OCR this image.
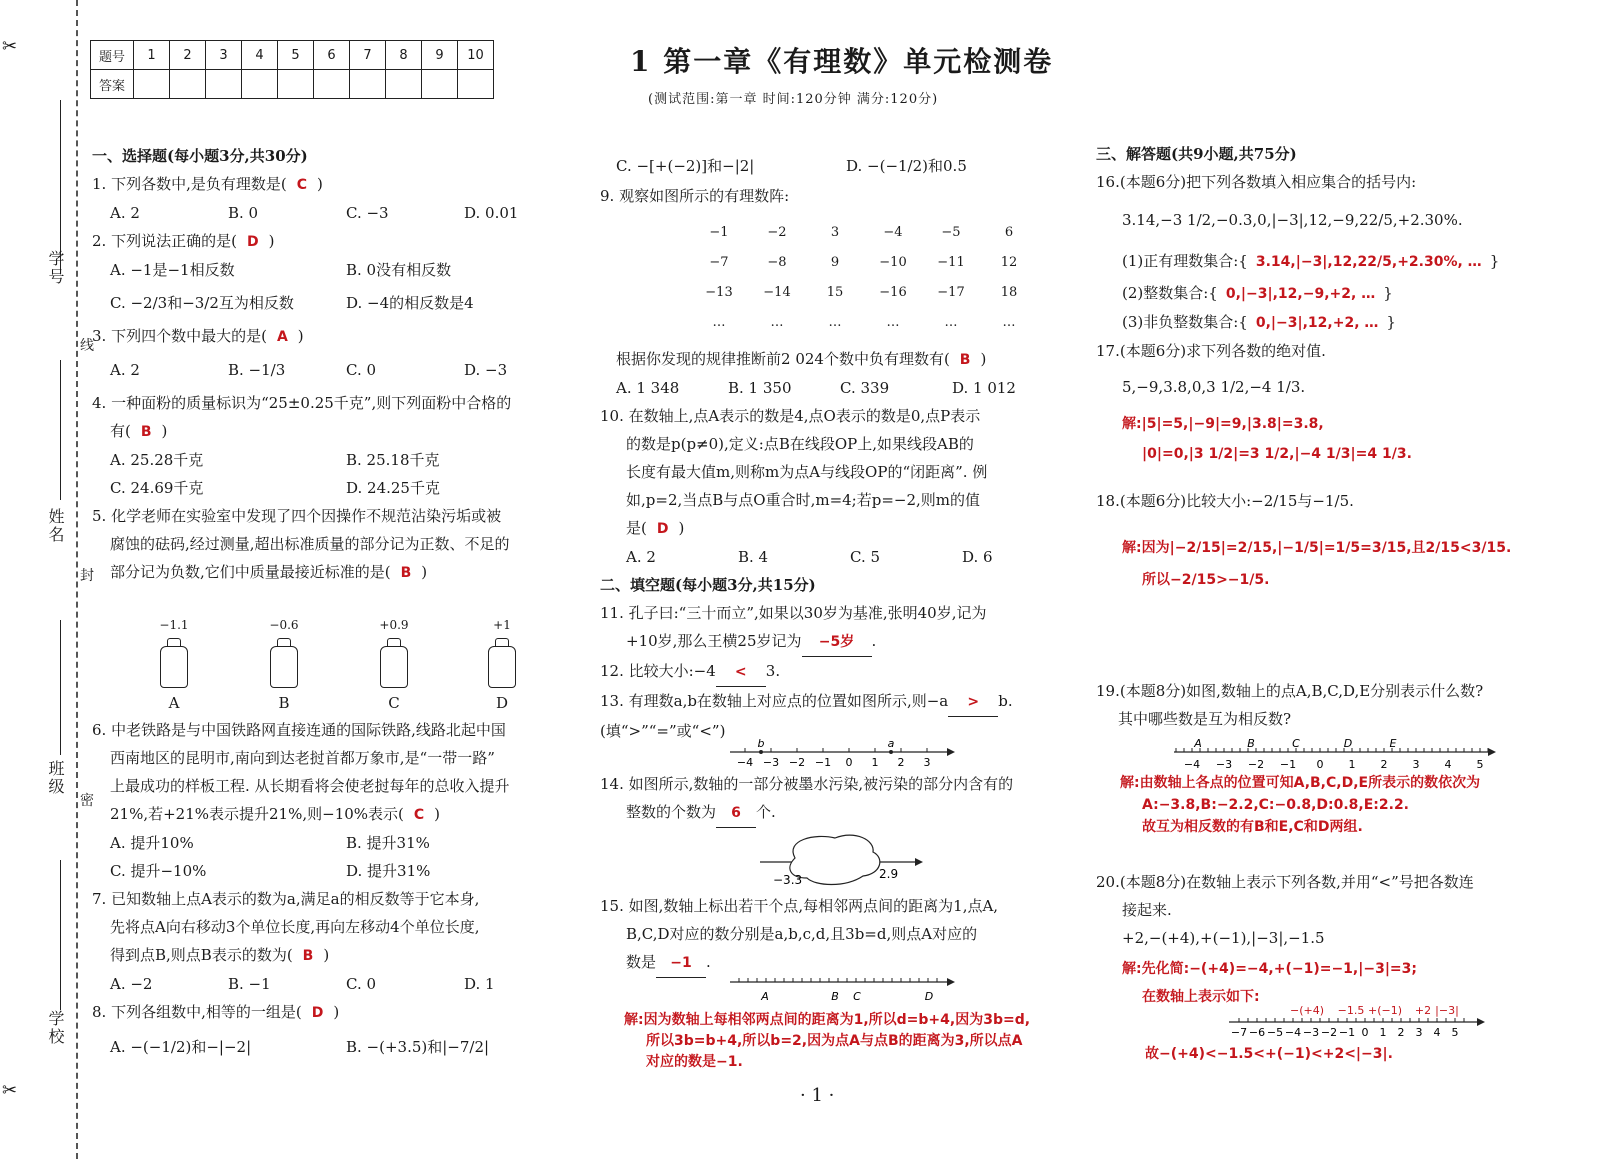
✂
✂
学号
姓名
班级
学校
线
封
密
题号	1	2	3	4	5	6	7	8	9	10
答案										
1 第一章《有理数》单元检测卷
(测试范围:第一章 时间:120分钟 满分:120分)

一、选择题(每小题3分,共30分)

1. 下列各数中,是负有理数是( C )

A. 2	B. 0	C. −3	D. 0.01

2. 下列说法正确的是( D )

A. −1是−1相反数	B. 0没有相反数

C. −2/3和−3/2互为相反数	D. −4的相反数是4

3. 下列四个数中最大的是( A )

A. 2	B. −1/3	C. 0	D. −3

4. 一种面粉的质量标识为“25±0.25千克”,则下列面粉中合格的

有( B )

A. 25.28千克	B. 25.18千克

C. 24.69千克	D. 24.25千克

5. 化学老师在实验室中发现了四个因操作不规范沾染污垢或被

腐蚀的砝码,经过测量,超出标准质量的部分记为正数、不足的

部分记为负数,它们中质量最接近标准的是( B )

−1.1
A
−0.6
B
+0.9
C
+1
D

6. 中老铁路是与中国铁路网直接连通的国际铁路,线路北起中国

西南地区的昆明市,南向到达老挝首都万象市,是“一带一路”

上最成功的样板工程. 从长期看将会使老挝每年的总收入提升

21%,若+21%表示提升21%,则−10%表示( C )

A. 提升10%	B. 提升31%

C. 提升−10%	D. 提升31%

7. 已知数轴上点A表示的数为a,满足a的相反数等于它本身,

先将点A向右移动3个单位长度,再向左移动4个单位长度,

得到点B,则点B表示的数为( B )

A. −2	B. −1	C. 0	D. 1

8. 下列各组数中,相等的一组是( D )

A. −(−1/2)和−|−2|	B. −(+3.5)和|−7/2|

C. −[+(−2)]和−|2|	D. −(−1/2)和0.5

9. 观察如图所示的有理数阵:

−1	−2	3	−4	−5	6
−7	−8	9	−10 −11	12
−13 −14	15	−16 −17	18
…	…	…	…	…	…

根据你发现的规律推断前2 024个数中负有理数有( B )

A. 1 348	B. 1 350	C. 339	D. 1 012

10. 在数轴上,点A表示的数是4,点O表示的数是0,点P表示

的数是p(p≠0),定义:点B在线段OP上,如果线段AB的

长度有最大值m,则称m为点A与线段OP的“闭距离”. 例

如,p=2,当点B与点O重合时,m=4;若p=−2,则m的值

是( D )

A. 2	B. 4	C. 5	D. 6

二、填空题(每小题3分,共15分)

11. 孔子曰:“三十而立”,如果以30岁为基准,张明40岁,记为

+10岁,那么王横25岁记为 −5岁 .

12. 比较大小:−4 < 3.

13. 有理数a,b在数轴上对应点的位置如图所示,则−a > b.

(填“>”“=”或“<”)

−4 −3 −2 −1 0 1 2 3
b	a

14. 如图所示,数轴的一部分被墨水污染,被污染的部分内含有的

整数的个数为 6 个.

−3.3	2.9

15. 如图,数轴上标出若干个点,每相邻两点间的距离为1,点A,

B,C,D对应的数分别是a,b,c,d,且3b=d,则点A对应的

数是 −1 .

A	B C	D

解:因为数轴上每相邻两点间的距离为1,所以d=b+4,因为3b=d,

所以3b=b+4,所以b=2,因为点A与点B的距离为3,所以点A

对应的数是−1.

三、解答题(共9小题,共75分)

16.(本题6分)把下列各数填入相应集合的括号内:

3.14,−3 1/2,−0.3,0,|−3|,12,−9,22/5,+2.30%.

(1)正有理数集合:{ 3.14,|−3|,12,22/5,+2.30%, … }

(2)整数集合:{ 0,|−3|,12,−9,+2, … }

(3)非负整数集合:{ 0,|−3|,12,+2, … }

17.(本题6分)求下列各数的绝对值.

5,−9,3.8,0,3 1/2,−4 1/3.

解:|5|=5,|−9|=9,|3.8|=3.8,

|0|=0,|3 1/2|=3 1/2,|−4 1/3|=4 1/3.

18.(本题6分)比较大小:−2/15与−1/5.

解:因为|−2/15|=2/15,|−1/5|=1/5=3/15,且2/15<3/15.

所以−2/15>−1/5.

19.(本题8分)如图,数轴上的点A,B,C,D,E分别表示什么数?

其中哪些数是互为相反数?

A	B	C	D	E
−4 −3 −2 −1 0 1 2 3 4 5

解:由数轴上各点的位置可知A,B,C,D,E所表示的数依次为

A:−3.8,B:−2.2,C:−0.8,D:0.8,E:2.2.

故互为相反数的有B和E,C和D两组.

20.(本题8分)在数轴上表示下列各数,并用“<”号把各数连

接起来.

+2,−(+4),+(−1),|−3|,−1.5

解:先化简:−(+4)=−4,+(−1)=−1,|−3|=3;

在数轴上表示如下:

−(+4) −1.5 +(−1) +2 |−3|
−7 −6 −5 −4 −3 −2 −1 0 1 2 3 4 5

故−(+4)<−1.5<+(−1)<+2<|−3|.

· 1 ·
